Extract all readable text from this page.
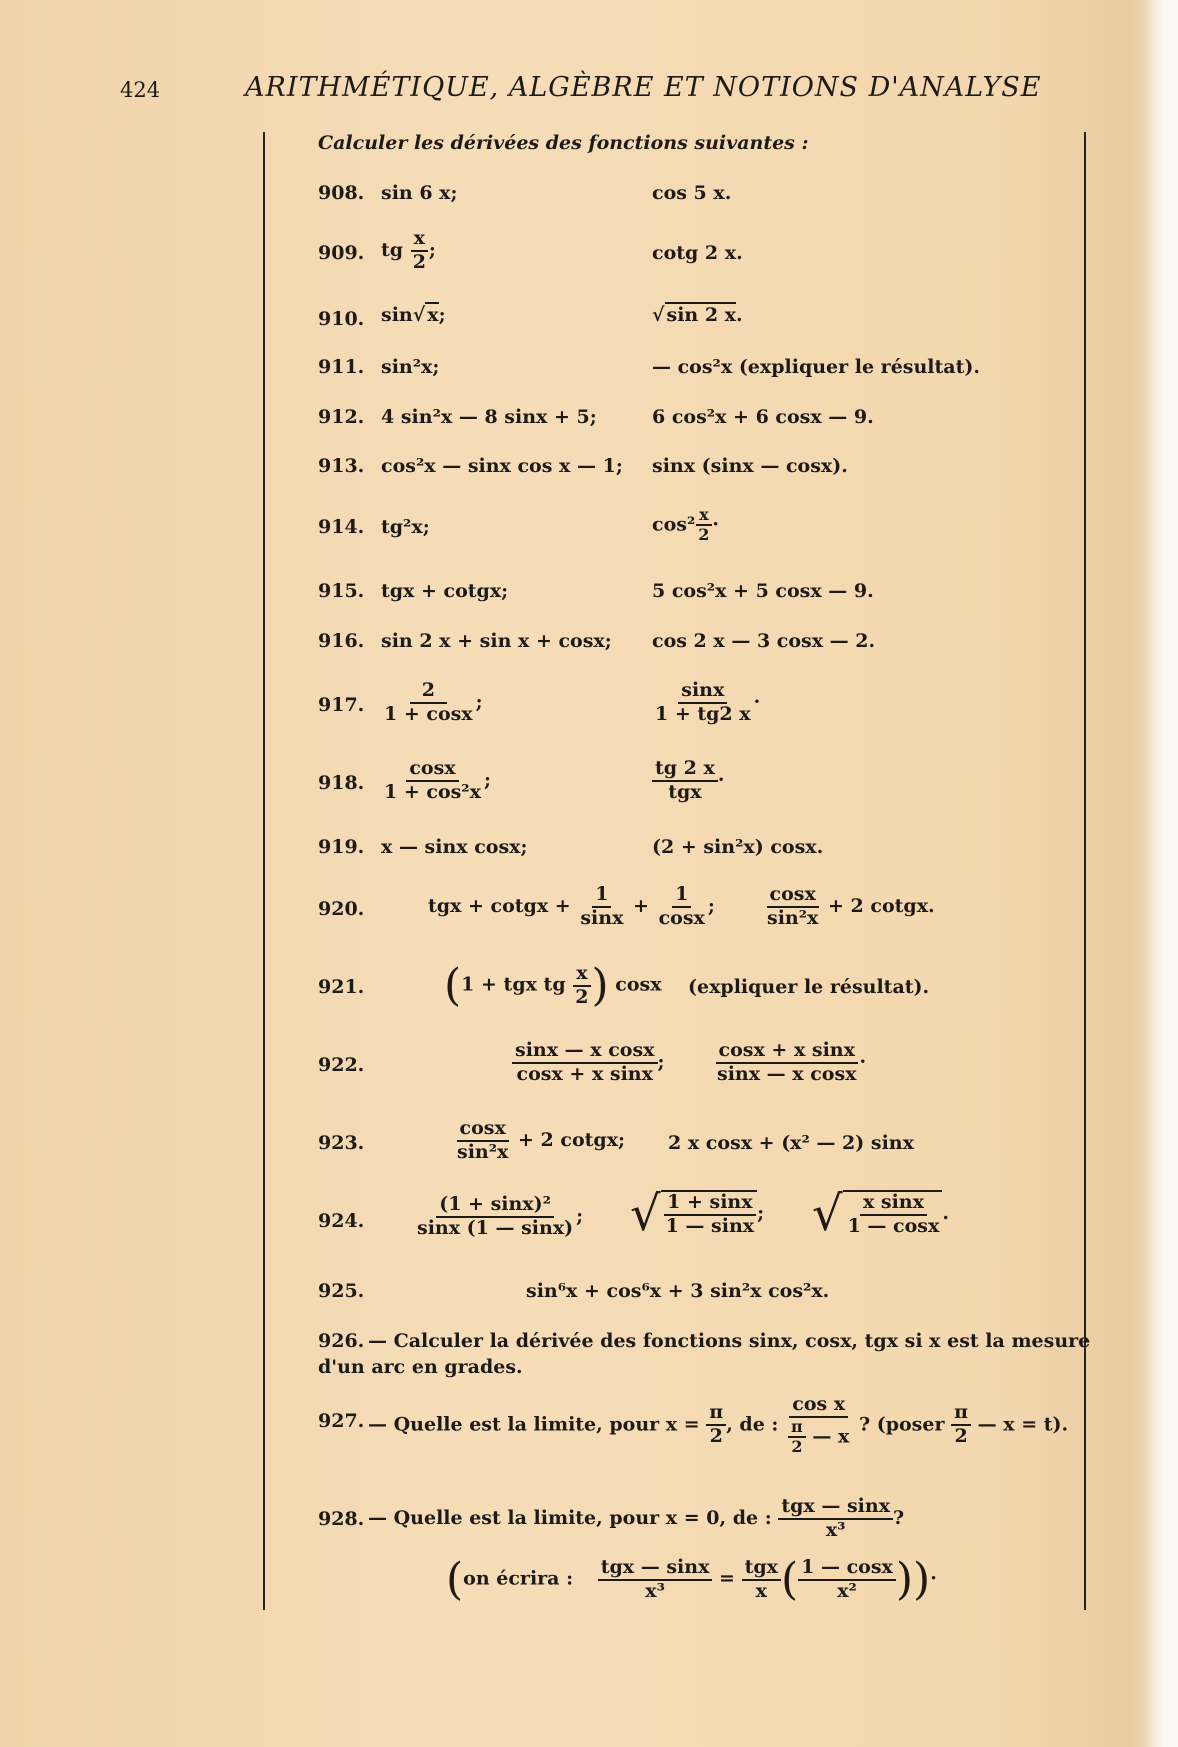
424	ARITHMÉTIQUE, ALGÈBRE ET NOTIONS D'ANALYSE
Calculer les dérivées des fonctions suivantes :
908. sin 6 x;	cos 5 x.
909. tg $\frac{x}{2}$ ;	cotg 2 x.
910. sin√ x;	√ sin 2 x.
911. sin²x;	— cos²x (expliquer le résultat).
912. 4 sin²x — 8 sinx + 5;	6 cos²x + 6 cosx — 9.
913. cos²x — sinx cos x — 1; sinx (sinx — cosx).
914. tg²x;	$\cos^2 \frac{x}{2}$ ·
915. tgx + cotgx;	5 cos²x + 5 cosx — 9.
916. sin 2 x + sin x + cosx; cos 2 x — 3 cosx — 2.
917. $\frac{2}{1 + \cos x}$ ;	$\frac{\sin x}{1 + tg2 x}$ ·
918. $\frac{\cos x}{\text{1 + cos²x}}$ ;	$\frac{tg 2 x}{\text{tgx}}$ ·
919. x — sinx cosx;	(2 + sin²x) cosx.
920.	tgx + cotgx + $\frac{1}{\sin x} + \frac{1}{\cos x}$ ;	$\frac{\cos x}{\text{sin²x}} + 2$ cotgx.
921. (1 + tgx tg $\frac{x}{2}$ ) cosx (expliquer le résultat).
922.	$\frac{\text{sinx — x cosx}}{\text{cosx + x sinx}}$ ;	$\frac{\text{cosx + x sinx}}{\text{sinx — x cosx}}$ ·
923.	$\frac{\cos x}{\text{sin²x}} + 2$ cotgx; 2 x cosx + (x² — 2) sinx
924.	$\frac{\text{(1 + sinx)²}}{\sin x (1 — \sin x)}$ ; √ $\frac{1 + \sin x}{1 — \sin x}$ ; √ $\frac{\text{x sinx}}{1 — \cos x}$ .
925.	sin⁶x + cos⁶x + 3 sin²x cos²x.
926. — Calculer la dérivée des fonctions sinx, cosx, tgx si x est la mesure
d'un arc en grades.
927. — Quelle est la limite, pour $x = \frac{\pi}{2}$ , de : $\frac{\text{cos x}}{\frac{\pi}{2} — x}$ ? (poser $\frac{\pi}{2}$ — x = t).
928. — Quelle est la limite, pour x = 0, de : $\frac{\text{tgx — sinx}}{\text{x³}}$ ?
(on écrira : $\frac{\text{tgx — sinx}}{\text{x³}} = \frac{\text{tgx}}{x}$ ( $\frac{1 — \cos x}{\text{x²}}$ ))·
